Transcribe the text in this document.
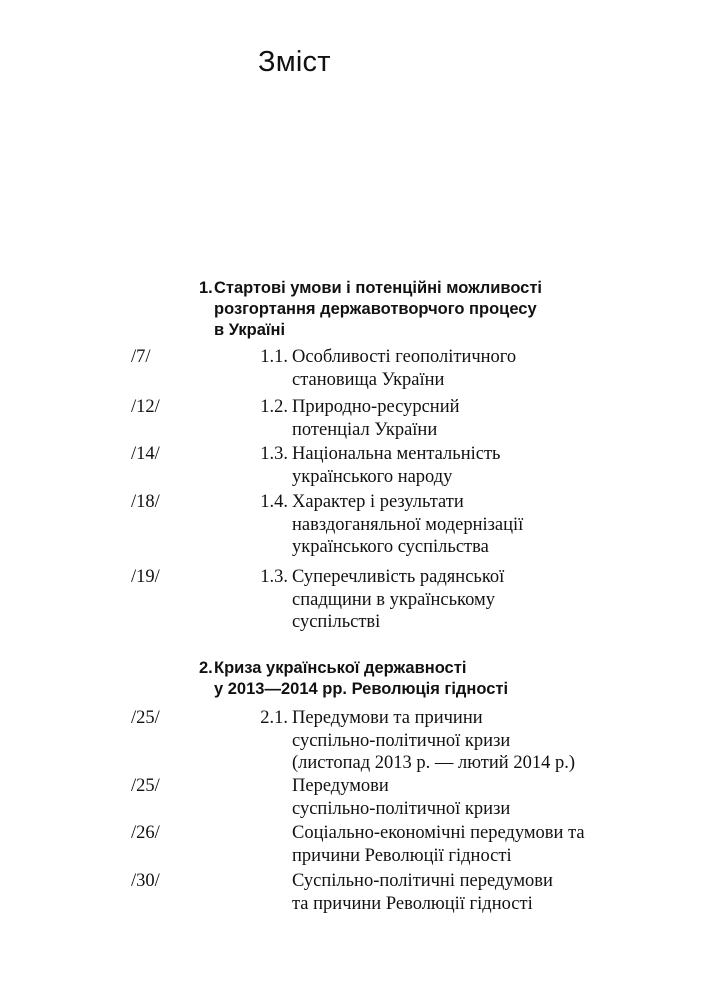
Зміст
1.Стартові умови і потенційні можливості
розгортання державотворчого процесу
в Україні
/7/	1.1. Особливості геополітичного
становища України
/12/	1.2. Природно-ресурсний
потенціал України
/14/	1.3. Національна ментальність
українського народу
/18/	1.4. Характер і результати
навздоганяльної модернізації
українського суспільства
/19/	1.3. Суперечливість радянської
спадщини в українському
суспільстві
2.Криза української державності
у 2013—2014 рр. Революція гідності
/25/	2.1. Передумови та причини
суспільно-політичної кризи
(листопад 2013 р. — лютий 2014 р.)
/25/	Передумови
суспільно-політичної кризи
/26/	Соціально-економічні передумови та
причини Революції гідності
/30/	Суспільно-політичні передумови
та причини Революції гідності
